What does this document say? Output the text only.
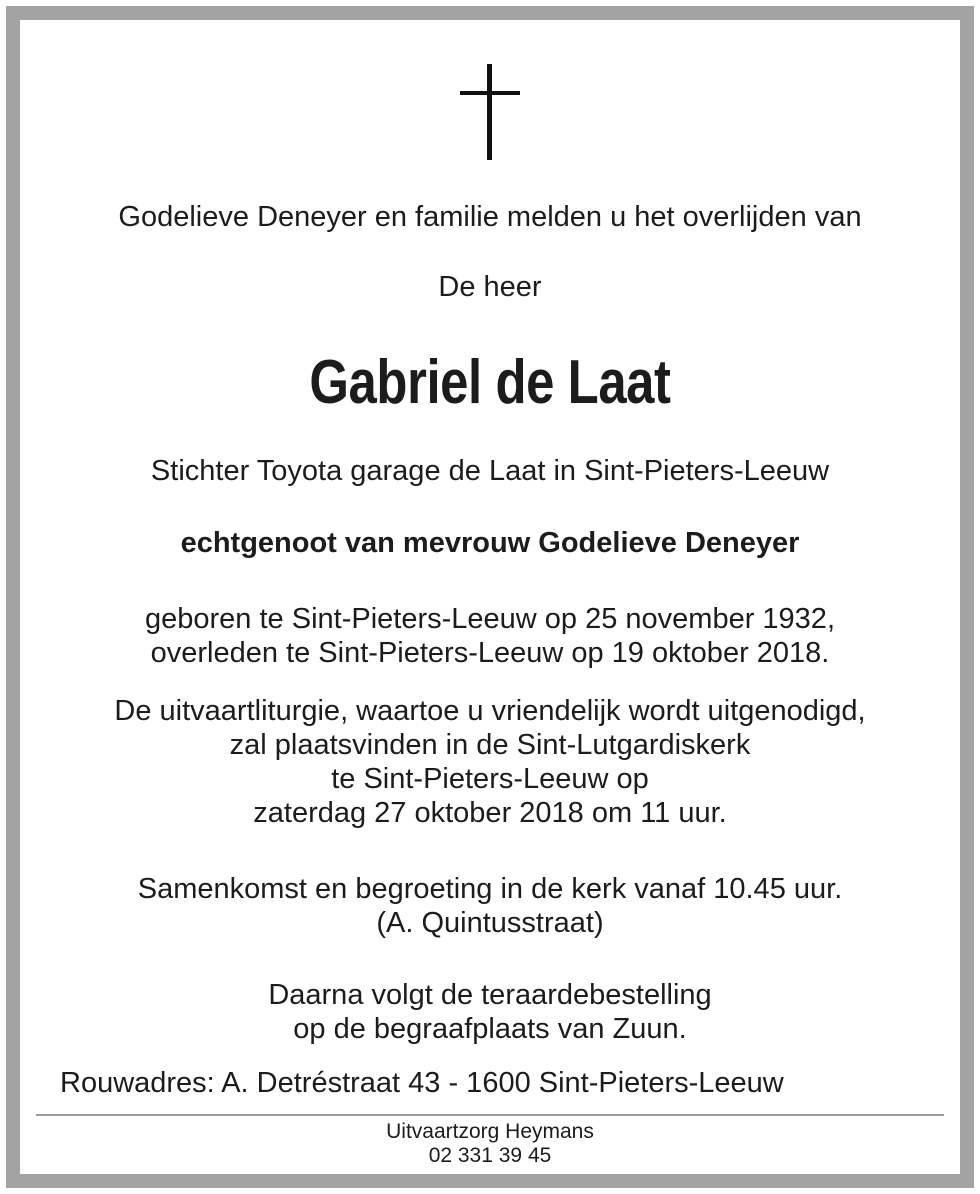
Godelieve Deneyer en familie melden u het overlijden van
De heer
Gabriel de Laat
Stichter Toyota garage de Laat in Sint-Pieters-Leeuw
echtgenoot van mevrouw Godelieve Deneyer
geboren te Sint-Pieters-Leeuw op 25 november 1932,
overleden te Sint-Pieters-Leeuw op 19 oktober 2018.
De uitvaartliturgie, waartoe u vriendelijk wordt uitgenodigd,
zal plaatsvinden in de Sint-Lutgardiskerk
te Sint-Pieters-Leeuw op
zaterdag 27 oktober 2018 om 11 uur.
Samenkomst en begroeting in de kerk vanaf 10.45 uur.
(A. Quintusstraat)
Daarna volgt de teraardebestelling
op de begraafplaats van Zuun.
Rouwadres: A. Detréstraat 43 - 1600 Sint-Pieters-Leeuw
Uitvaartzorg Heymans
02 331 39 45
